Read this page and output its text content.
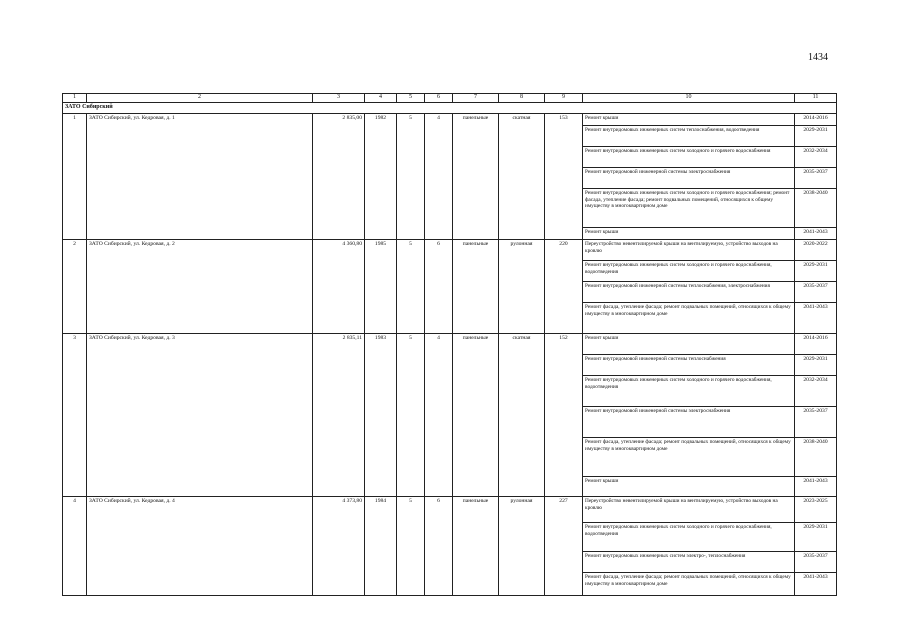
1434
1	2	3	4	5	6	7	8	9	10	11
ЗАТО Сибирский										
1	ЗАТО Сибирский, ул. Кедровая, д. 1	2 835,00	1982	5	4	панельные	скатная	153	Ремонт крыши	2014-2016
									Ремонт внутридомовых инженерных систем теплоснабжения, водоотведения	2029-2031
									Ремонт внутридомовых инженерных систем холодного и горячего водоснабжения	2032-2034
									Ремонт внутридомовой инженерной системы электроснабжения	2035-2037
									Ремонт внутридомовых инженерных систем холодного и горячего водоснабжения; ремонт фасада, утепление фасада; ремонт подвальных помещений, относящихся к общему имуществу в многоквартирном доме	2038-2040
									Ремонт крыши	2041-2043
2	ЗАТО Сибирский, ул. Кедровая, д. 2	4 360,80	1985	5	6	панельные	рулонная	220	Переустройство невентилируемой крыши на вентилируемую, устройство выходов на кровлю	2020-2022
									Ремонт внутридомовых инженерных систем холодного и горячего водоснабжения, водоотведения	2029-2031
									Ремонт внутридомовой инженерной системы теплоснабжения, электроснабжения	2035-2037
									Ремонт фасада, утепление фасада; ремонт подвальных помещений, относящихся к общему имуществу в многоквартирном доме	2041-2043
3	ЗАТО Сибирский, ул. Кедровая, д. 3	2 835,11	1983	5	4	панельные	скатная	152	Ремонт крыши	2014-2016
									Ремонт внутридомовой инженерной системы теплоснабжения	2029-2031
									Ремонт внутридомовых инженерных систем холодного и горячего водоснабжения, водоотведения	2032-2034
									Ремонт внутридомовой инженерной системы электроснабжения	2035-2037
									Ремонт фасада, утепление фасада; ремонт подвальных помещений, относящихся к общему имуществу в многоквартирном доме	2038-2040
									Ремонт крыши	2041-2043
4	ЗАТО Сибирский, ул. Кедровая, д. 4	4 373,80	1984	5	6	панельные	рулонная	227	Переустройство невентилируемой крыши на вентилируемую, устройство выходов на кровлю	2023-2025
									Ремонт внутридомовых инженерных систем холодного и горячего водоснабжения, водоотведения	2029-2031
									Ремонт внутридомовых инженерных систем электро-, теплоснабжения	2035-2037
									Ремонт фасада, утепление фасада; ремонт подвальных помещений, относящихся к общему имуществу в многоквартирном доме	2041-2043
